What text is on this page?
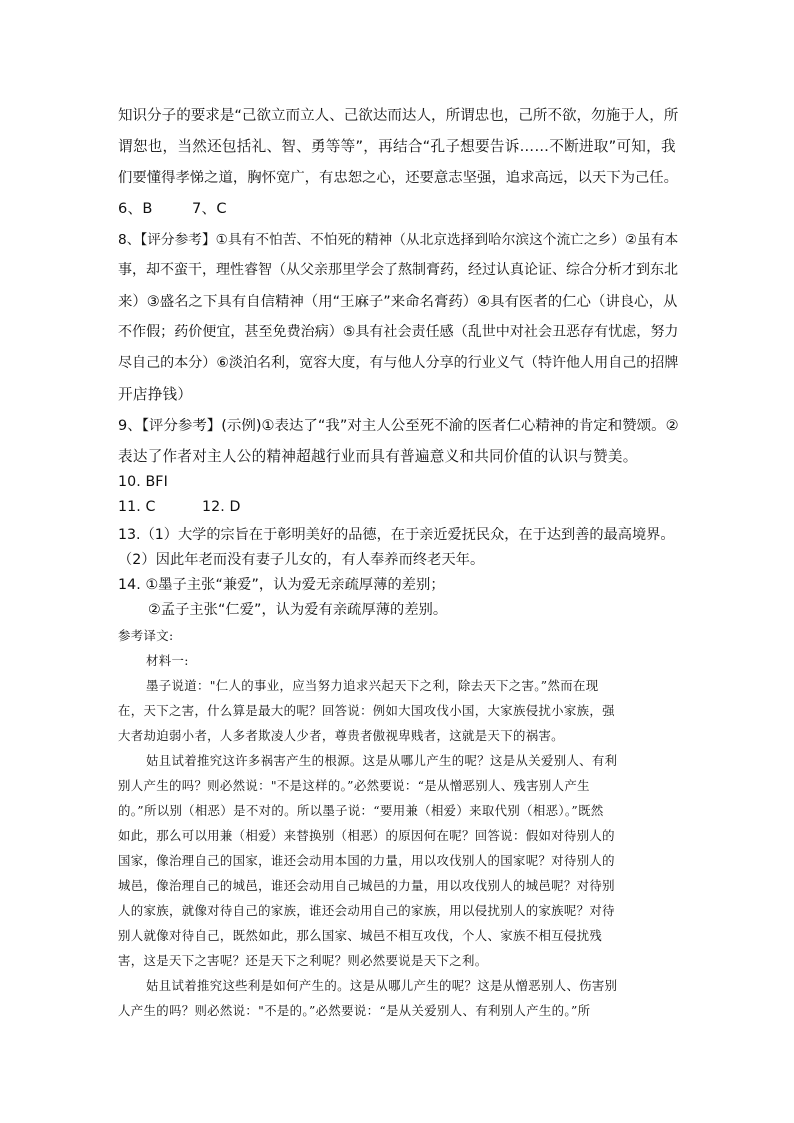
知识分子的要求是“己欲立而立人、己欲达而达人，所谓忠也，己所不欲，勿施于人，所
谓恕也，当然还包括礼、智、勇等等”，再结合“孔子想要告诉……不断进取”可知，我
们要懂得孝悌之道，胸怀宽广，有忠恕之心，还要意志坚强，追求高远，以天下为己任。
6、B	7、C
8、【评分参考】①具有不怕苦、不怕死的精神（从北京选择到哈尔滨这个流亡之乡）②虽有本
事，却不蛮干，理性睿智（从父亲那里学会了熬制膏药，经过认真论证、综合分析才到东北
来）③盛名之下具有自信精神（用“王麻子”来命名膏药）④具有医者的仁心（讲良心，从
不作假；药价便宜，甚至免费治病）⑤具有社会责任感（乱世中对社会丑恶存有忧虑，努力
尽自己的本分）⑥淡泊名利，宽容大度，有与他人分享的行业义气（特许他人用自己的招牌
开店挣钱）
9、【评分参考】(示例)①表达了“我”对主人公至死不渝的医者仁心精神的肯定和赞颂。②
表达了作者对主人公的精神超越行业而具有普遍意义和共同价值的认识与赞美。
10. BFI
11. C	12. D
13.（1）大学的宗旨在于彰明美好的品德，在于亲近爱抚民众，在于达到善的最高境界。
（2）因此年老而没有妻子儿女的，有人奉养而终老天年。
14. ①墨子主张“兼爱”，认为爱无亲疏厚薄的差别；
②孟子主张“仁爱”，认为爱有亲疏厚薄的差别。
参考译文:
材料一:
墨子说道："仁人的事业，应当努力追求兴起天下之利，除去天下之害。”然而在现
在，天下之害，什么算是最大的呢？回答说：例如大国攻伐小国，大家族侵扰小家族，强
大者劫迫弱小者，人多者欺凌人少者，尊贵者傲视卑贱者，这就是天下的祸害。
姑且试着推究这许多祸害产生的根源。这是从哪儿产生的呢？这是从关爱别人、有利
别人产生的吗？则必然说："不是这样的。”必然要说：“是从憎恶别人、残害别人产生
的。”所以别（相恶）是不对的。所以墨子说：“要用兼（相爱）来取代别（相恶）。”既然
如此，那么可以用兼（相爱）来替换别（相恶）的原因何在呢？回答说：假如对待别人的
国家，像治理自己的国家，谁还会动用本国的力量，用以攻伐别人的国家呢？对待别人的
城邑，像治理自己的城邑，谁还会动用自己城邑的力量，用以攻伐别人的城邑呢？对待别
人的家族，就像对待自己的家族，谁还会动用自己的家族，用以侵扰别人的家族呢？对待
别人就像对待自己，既然如此，那么国家、城邑不相互攻伐，个人、家族不相互侵扰残
害，这是天下之害呢？还是天下之利呢？则必然要说是天下之利。
姑且试着推究这些利是如何产生的。这是从哪儿产生的呢？这是从憎恶别人、伤害别
人产生的吗？则必然说："不是的。”必然要说：“是从关爱别人、有利别人产生的。”所
